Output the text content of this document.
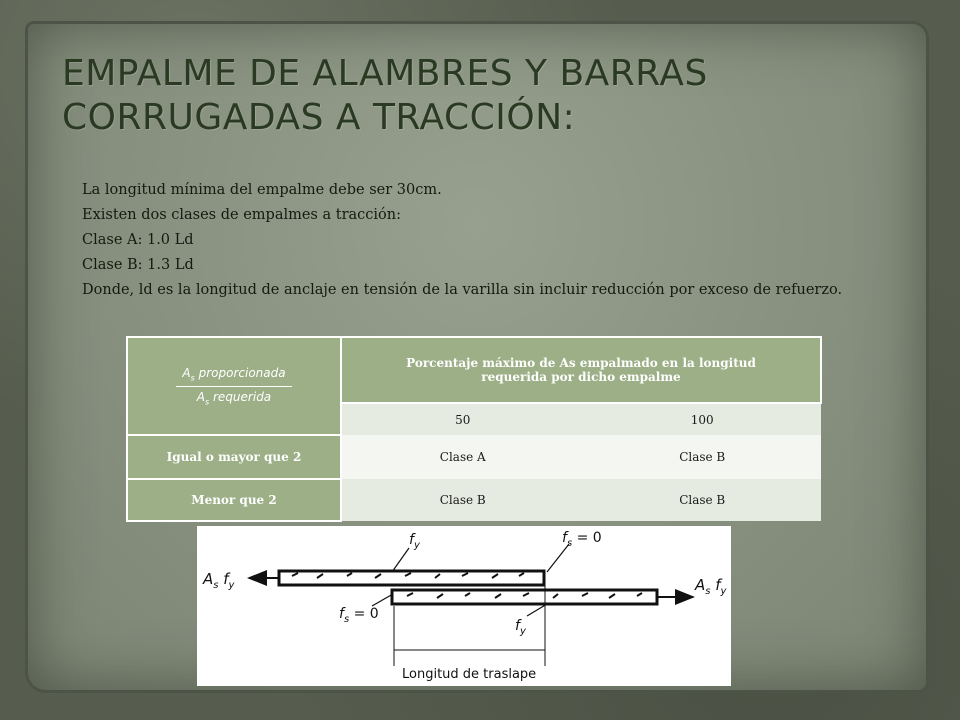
EMPALME DE ALAMBRES Y BARRAS CORRUGADAS A TRACCIÓN:

La longitud mínima del empalme debe ser 30cm.

Existen dos clases de empalmes a tracción:

Clase A: 1.0 Ld

Clase B: 1.3 Ld

Donde, ld es la longitud de anclaje en tensión de la varilla sin incluir reducción por exceso de refuerzo.

$\frac{A_s proporcionada}{A_s requerida}$	Porcentaje máximo de As empalmado en la longitud requerida por dicho empalme	
	50	100
Igual o mayor que 2	Clase A	Clase B
Menor que 2	Clase B	Clase B
$f_y$	$f_s = 0$
$f_s = 0$
$f_y$
$A_s$ $f_y$	$A_s$ $f_y$
Longitud de traslape
